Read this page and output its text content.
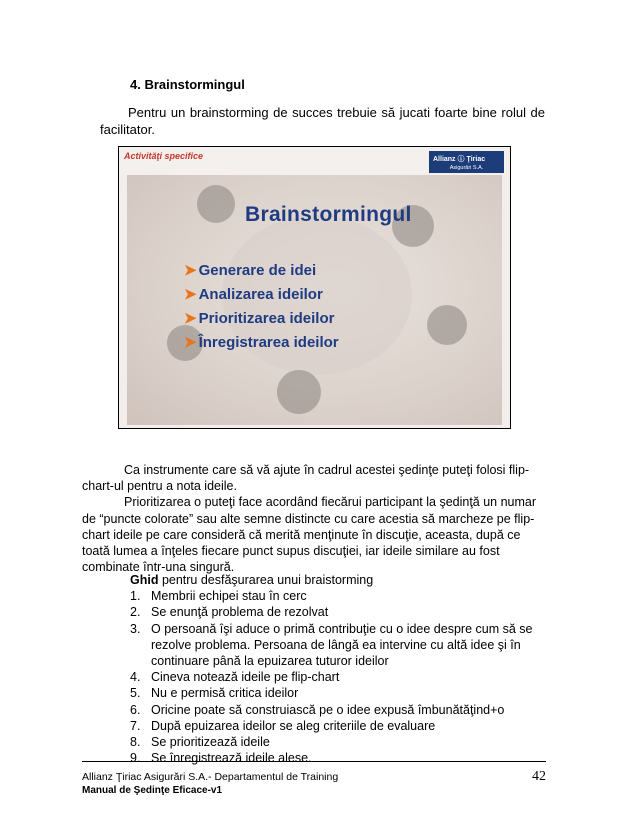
4. Brainstormingul
Pentru un brainstorming de succes trebuie să jucati foarte bine rolul de facilitator.
Activităţi specifice	Allianz ⓘ Ţiriac
Asigurări S.A.
Brainstormingul
➤ Generare de idei
➤ Analizarea ideilor
➤ Prioritizarea ideilor
➤ Înregistrarea ideilor

Ca instrumente care să vă ajute în cadrul acestei şedinţe puteţi folosi flip-chart-ul pentru a nota ideile.

Prioritizarea o puteţi face acordând fiecărui participant la şedinţă un numar de “puncte colorate” sau alte semne distincte cu care acestia să marcheze pe flip-chart ideile pe care consideră că merită menţinute în discuţie, aceasta, după ce toată lumea a înţeles fiecare punct supus discuţiei, iar ideile similare au fost combinate într-una singură.

Ghid pentru desfăşurarea unui braistorming
1. Membrii echipei stau în cerc
2. Se enunţă problema de rezolvat
3. O persoană îşi aduce o primă contribuţie cu o idee despre cum să se rezolve problema. Persoana de lângă ea intervine cu altă idee şi în continuare până la epuizarea tuturor ideilor
4. Cineva notează ideile pe flip-chart
5. Nu e permisă critica ideilor
6. Oricine poate să construiască pe o idee expusă îmbunătăţind+o
7. După epuizarea ideilor se aleg criteriile de evaluare
8. Se prioritizează ideile
9. Se înregistrează ideile alese.
Allianz Ţiriac Asigurări S.A.- Departamentul de Training
Manual de Şedinţe Eficace-v1
42
